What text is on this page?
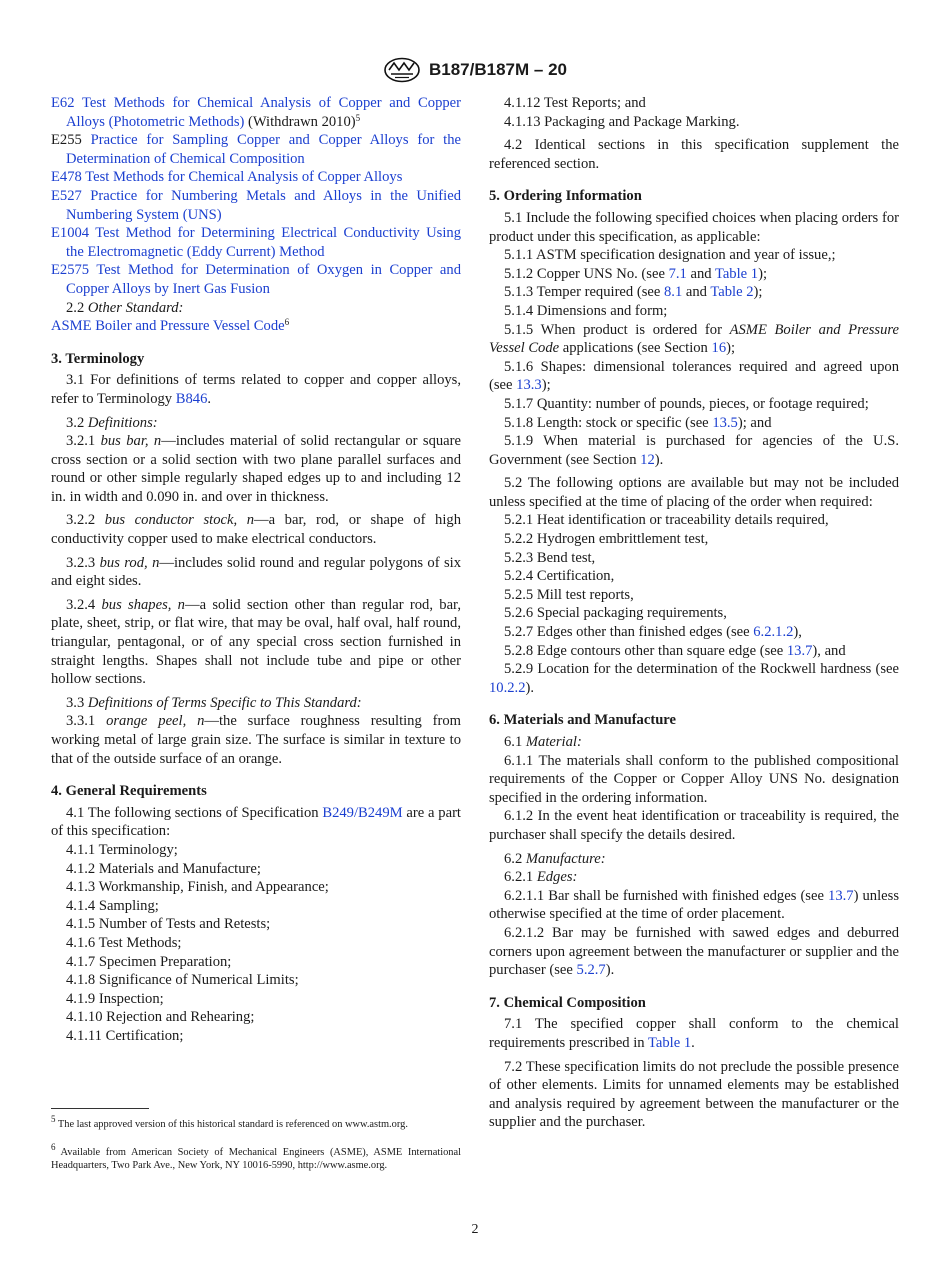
B187/B187M – 20

E62 Test Methods for Chemical Analysis of Copper and Copper Alloys (Photometric Methods) (Withdrawn 2010)$^5$

E255 Practice for Sampling Copper and Copper Alloys for the Determination of Chemical Composition

E478 Test Methods for Chemical Analysis of Copper Alloys

E527 Practice for Numbering Metals and Alloys in the Unified Numbering System (UNS)

E1004 Test Method for Determining Electrical Conductivity Using the Electromagnetic (Eddy Current) Method

E2575 Test Method for Determination of Oxygen in Copper and Copper Alloys by Inert Gas Fusion

2.2 Other Standard:

ASME Boiler and Pressure Vessel Code$^6$

3. Terminology

3.1 For definitions of terms related to copper and copper alloys, refer to Terminology B846.

3.2 Definitions:

3.2.1 bus bar, n—includes material of solid rectangular or square cross section or a solid section with two plane parallel surfaces and round or other simple regularly shaped edges up to and including 12 in. in width and 0.090 in. and over in thickness.

3.2.2 bus conductor stock, n—a bar, rod, or shape of high conductivity copper used to make electrical conductors.

3.2.3 bus rod, n—includes solid round and regular polygons of six and eight sides.

3.2.4 bus shapes, n—a solid section other than regular rod, bar, plate, sheet, strip, or flat wire, that may be oval, half oval, half round, triangular, pentagonal, or of any special cross section furnished in straight lengths. Shapes shall not include tube and pipe or other hollow sections.

3.3 Definitions of Terms Specific to This Standard:

3.3.1 orange peel, n—the surface roughness resulting from working metal of large grain size. The surface is similar in texture to that of the outside surface of an orange.

4. General Requirements

4.1 The following sections of Specification B249/B249M are a part of this specification:

4.1.1 Terminology;

4.1.2 Materials and Manufacture;

4.1.3 Workmanship, Finish, and Appearance;

4.1.4 Sampling;

4.1.5 Number of Tests and Retests;

4.1.6 Test Methods;

4.1.7 Specimen Preparation;

4.1.8 Significance of Numerical Limits;

4.1.9 Inspection;

4.1.10 Rejection and Rehearing;

4.1.11 Certification;

$^5$ The last approved version of this historical standard is referenced on www.astm.org.

$^6$ Available from American Society of Mechanical Engineers (ASME), ASME International Headquarters, Two Park Ave., New York, NY 10016-5990, http://www.asme.org.

4.1.12 Test Reports; and

4.1.13 Packaging and Package Marking.

4.2 Identical sections in this specification supplement the referenced section.

5. Ordering Information

5.1 Include the following specified choices when placing orders for product under this specification, as applicable:

5.1.1 ASTM specification designation and year of issue,;

5.1.2 Copper UNS No. (see 7.1 and Table 1);

5.1.3 Temper required (see 8.1 and Table 2);

5.1.4 Dimensions and form;

5.1.5 When product is ordered for ASME Boiler and Pressure Vessel Code applications (see Section 16);

5.1.6 Shapes: dimensional tolerances required and agreed upon (see 13.3);

5.1.7 Quantity: number of pounds, pieces, or footage required;

5.1.8 Length: stock or specific (see 13.5); and

5.1.9 When material is purchased for agencies of the U.S. Government (see Section 12).

5.2 The following options are available but may not be included unless specified at the time of placing of the order when required:

5.2.1 Heat identification or traceability details required,

5.2.2 Hydrogen embrittlement test,

5.2.3 Bend test,

5.2.4 Certification,

5.2.5 Mill test reports,

5.2.6 Special packaging requirements,

5.2.7 Edges other than finished edges (see 6.2.1.2),

5.2.8 Edge contours other than square edge (see 13.7), and

5.2.9 Location for the determination of the Rockwell hardness (see 10.2.2).

6. Materials and Manufacture

6.1 Material:

6.1.1 The materials shall conform to the published compositional requirements of the Copper or Copper Alloy UNS No. designation specified in the ordering information.

6.1.2 In the event heat identification or traceability is required, the purchaser shall specify the details desired.

6.2 Manufacture:

6.2.1 Edges:

6.2.1.1 Bar shall be furnished with finished edges (see 13.7) unless otherwise specified at the time of order placement.

6.2.1.2 Bar may be furnished with sawed edges and deburred corners upon agreement between the manufacturer or supplier and the purchaser (see 5.2.7).

7. Chemical Composition

7.1 The specified copper shall conform to the chemical requirements prescribed in Table 1.

7.2 These specification limits do not preclude the possible presence of other elements. Limits for unnamed elements may be established and analysis required by agreement between the manufacturer or the supplier and the purchaser.

2
